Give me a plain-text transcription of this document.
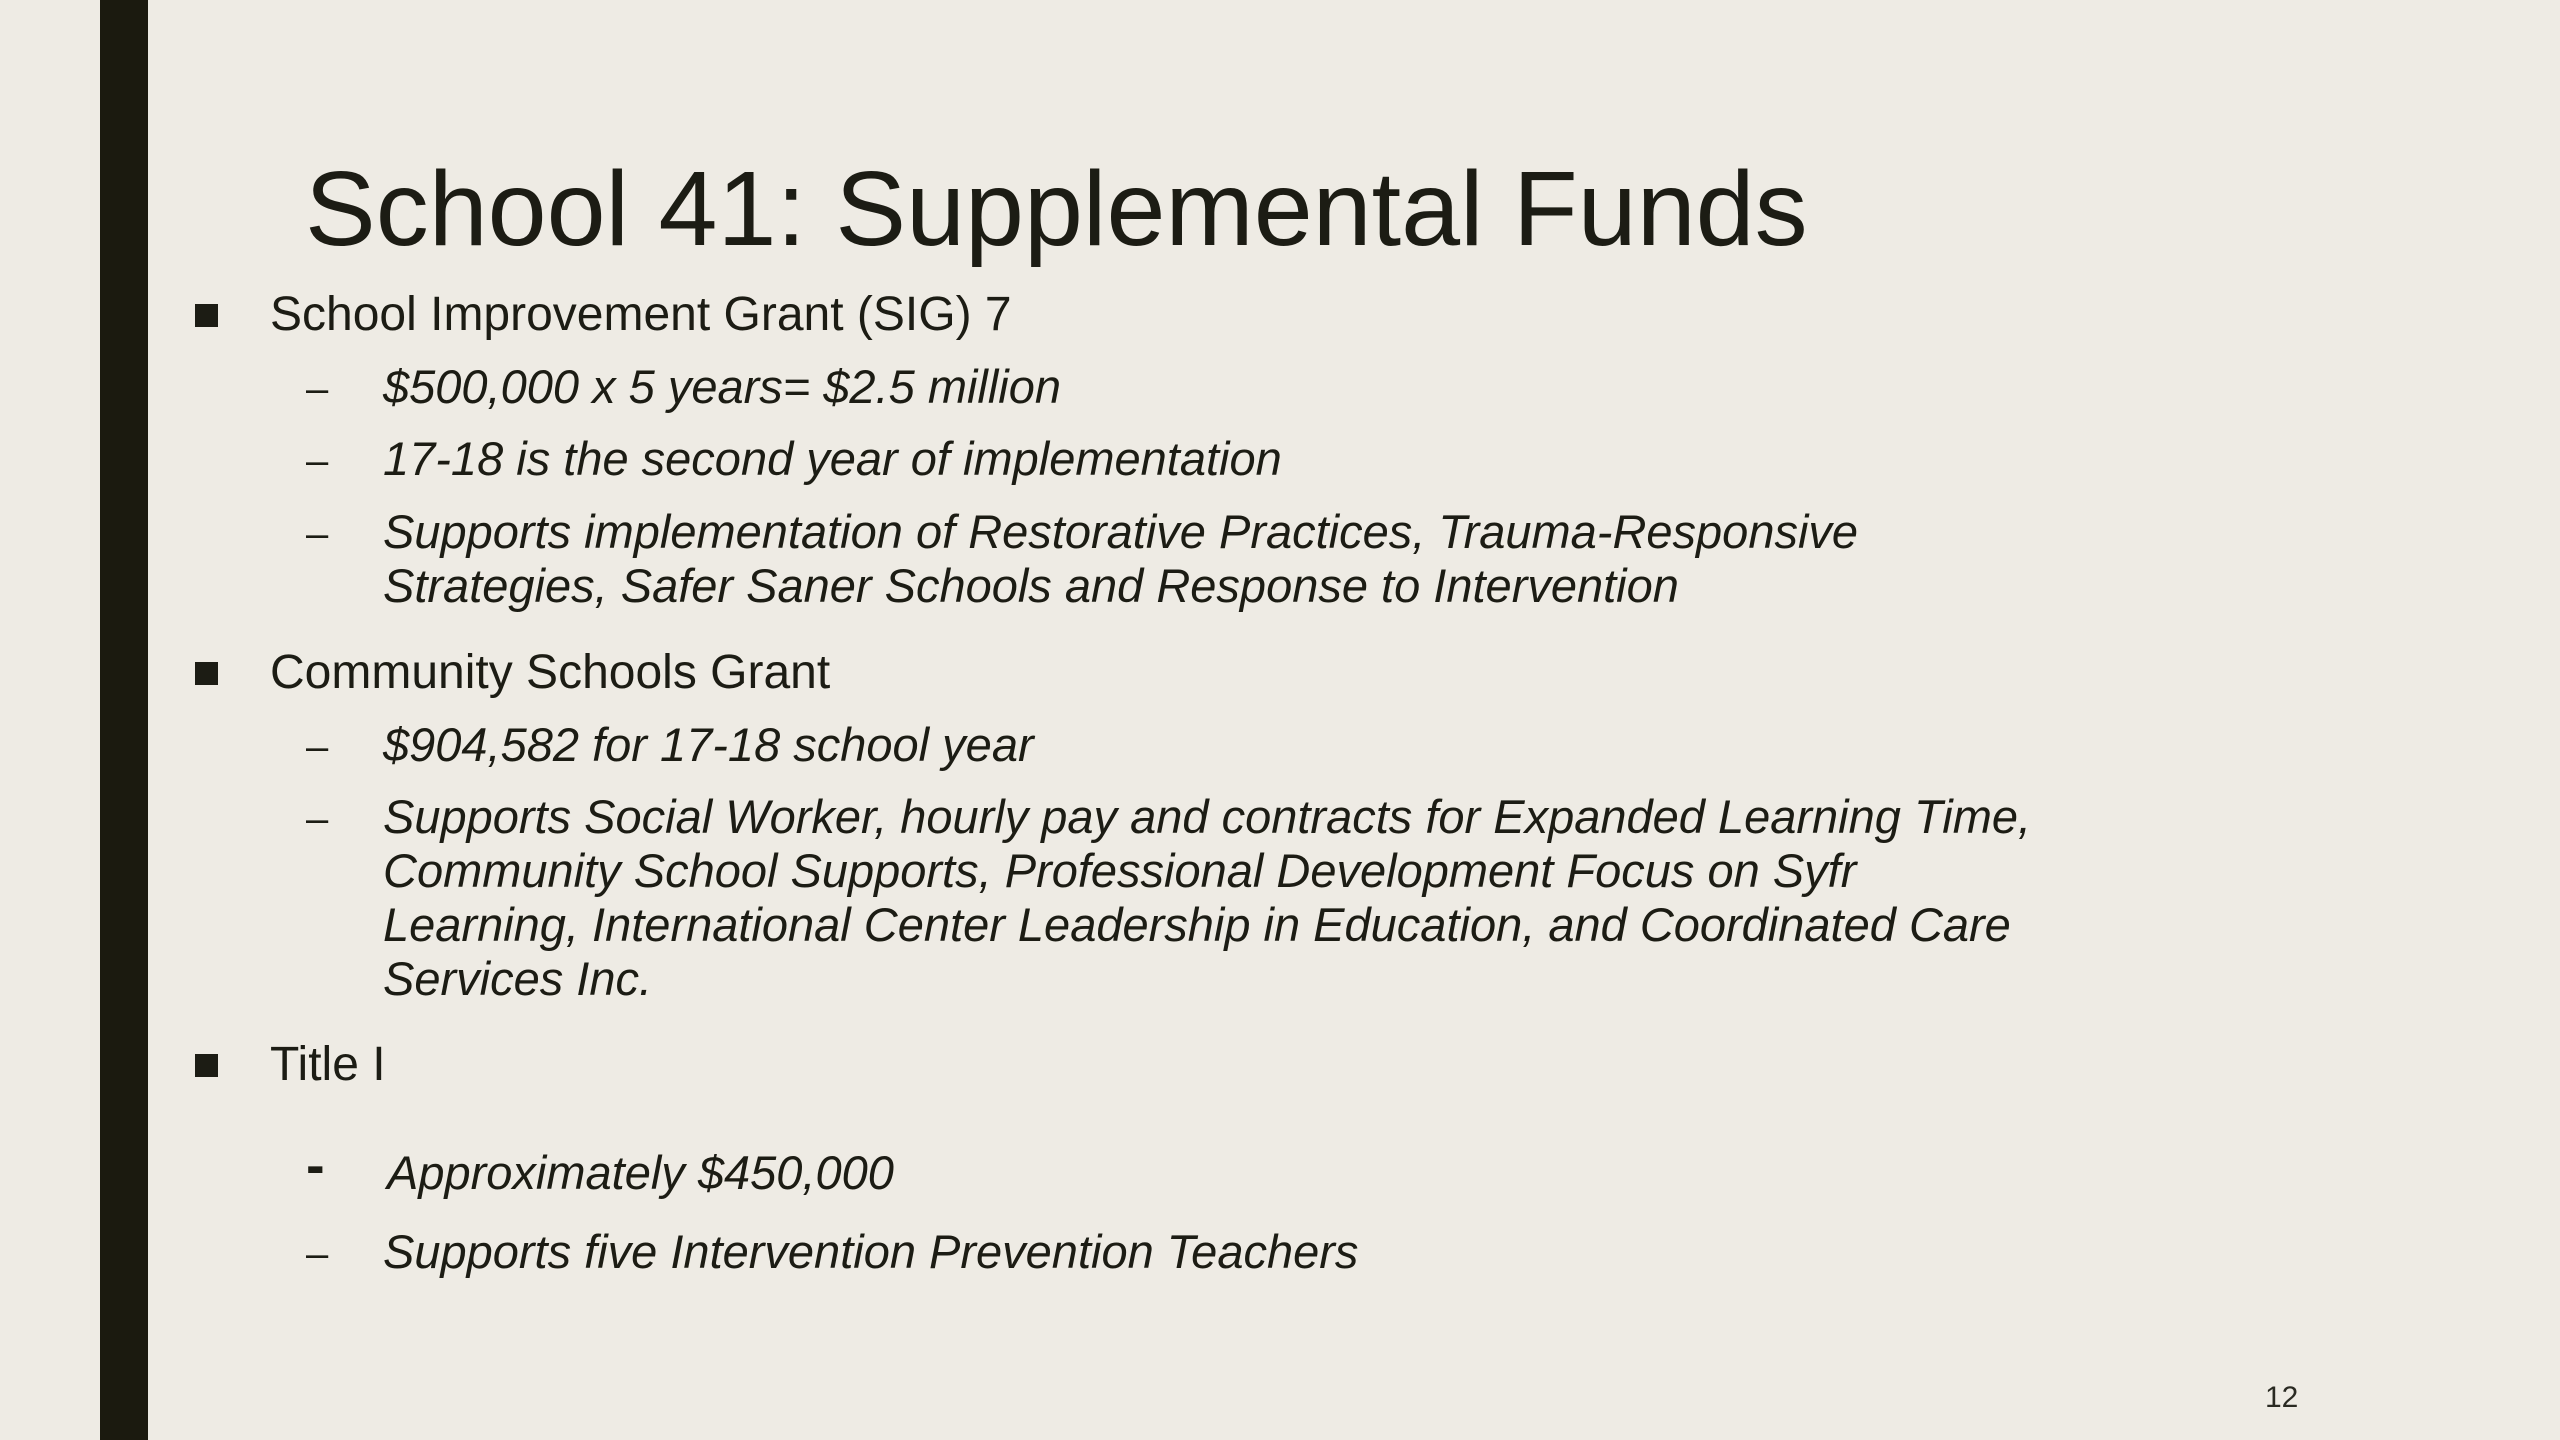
School 41: Supplemental Funds
School Improvement Grant (SIG) 7
– $500,000 x 5 years= $2.5 million
– 17-18 is the second year of implementation
– Supports implementation of Restorative Practices, Trauma-Responsive
Strategies, Safer Saner Schools and Response to Intervention
Community Schools Grant
– $904,582 for 17-18 school year
– Supports Social Worker, hourly pay and contracts for Expanded Learning Time,
Community School Supports, Professional Development Focus on Syfr
Learning, International Center Leadership in Education, and Coordinated Care
Services Inc.
Title I
- Approximately $450,000
– Supports five Intervention Prevention Teachers
12
